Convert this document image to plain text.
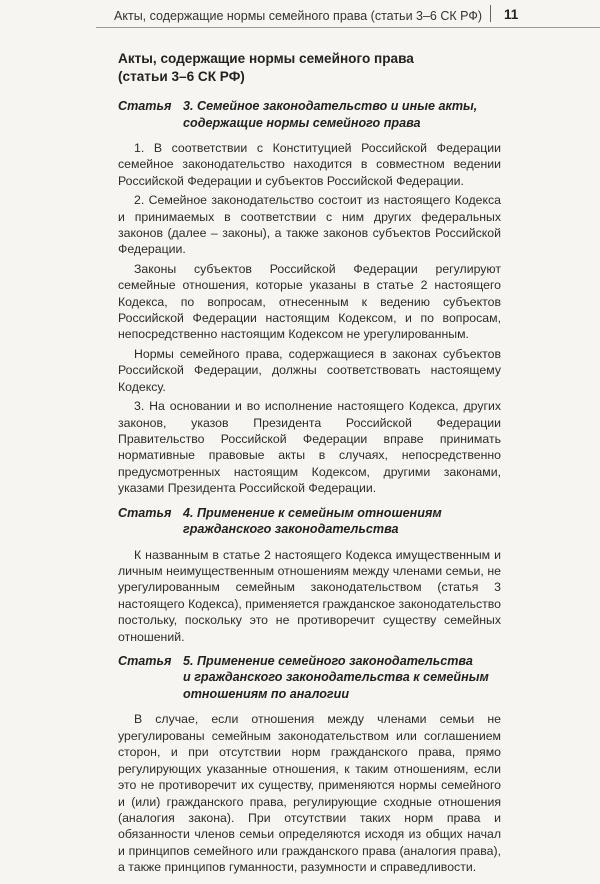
Акты, содержащие нормы семейного права (статьи 3–6 СК РФ) 11
Акты, содержащие нормы семейного права
(статьи 3–6 СК РФ)
Статья 3. Семейное законодательство и иные акты,
содержащие нормы семейного права

1. В соответствии с Конституцией Российской Федерации семейное законодательство находится в совместном ведении Российской Федерации и субъектов Российской Федерации.

2. Семейное законодательство состоит из настоящего Кодекса и принимаемых в соответствии с ним других федеральных законов (далее – законы), а также законов субъектов Российской Федерации.

Законы субъектов Российской Федерации регулируют семейные отношения, которые указаны в статье 2 настоящего Кодекса, по вопросам, отнесенным к ведению субъектов Российской Федерации настоящим Кодексом, и по вопросам, непосредственно настоящим Кодексом не урегулированным.

Нормы семейного права, содержащиеся в законах субъектов Российской Федерации, должны соответствовать настоящему Кодексу.

3. На основании и во исполнение настоящего Кодекса, других законов, указов Президента Российской Федерации Правительство Российской Федерации вправе принимать нормативные правовые акты в случаях, непосредственно предусмотренных настоящим Кодексом, другими законами, указами Президента Российской Федерации.

Статья 4. Применение к семейным отношениям
гражданского законодательства

К названным в статье 2 настоящего Кодекса имущественным и личным неимущественным отношениям между членами семьи, не урегулированным семейным законодательством (статья 3 настоящего Кодекса), применяется гражданское законодательство постольку, поскольку это не противоречит существу семейных отношений.

Статья 5. Применение семейного законодательства
и гражданского законодательства к семейным
отношениям по аналогии

В случае, если отношения между членами семьи не урегулированы семейным законодательством или соглашением сторон, и при отсутствии норм гражданского права, прямо регулирующих указанные отношения, к таким отношениям, если это не противоречит их существу, применяются нормы семейного и (или) гражданского права, регулирующие сходные отношения (аналогия закона). При отсутствии таких норм права и обязанности членов семьи определяются исходя из общих начал и принципов семейного или гражданского права (аналогия права), а также принципов гуманности, разумности и справедливости.
